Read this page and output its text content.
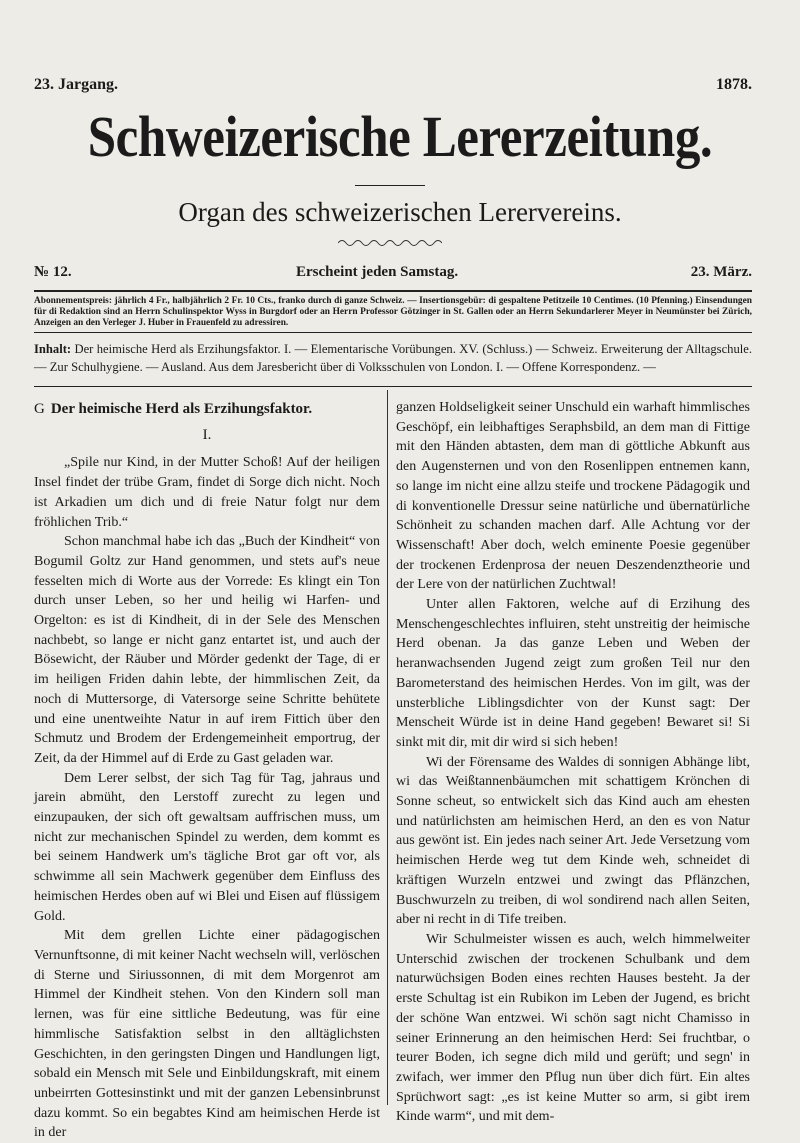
23. Jargang.	1878.
Schweizerische Lererzeitung.
Organ des schweizerischen Lerervereins.
№ 12.	Erscheint jeden Samstag.	23. März.
Abonnementspreis: jährlich 4 Fr., halbjährlich 2 Fr. 10 Cts., franko durch di ganze Schweiz. — Insertionsgebür: di gespaltene Petitzeile 10 Centimes. (10 Pfenning.) Einsendungen für di Redaktion sind an Herrn Schulinspektor Wyss in Burgdorf oder an Herrn Professor Götzinger in St. Gallen oder an Herrn Sekundarlerer Meyer in Neumünster bei Zürich, Anzeigen an den Verleger J. Huber in Frauenfeld zu adressiren.
Inhalt: Der heimische Herd als Erzihungsfaktor. I. — Elementarische Vorübungen. XV. (Schluss.) — Schweiz. Erweiterung der Alltagschule. — Zur Schulhygiene. — Ausland. Aus dem Jaresbericht über di Volksschulen von London. I. — Offene Korrespondenz. —

G Der heimische Herd als Erzihungsfaktor.

I.

„Spile nur Kind, in der Mutter Schoß! Auf der heiligen Insel findet der trübe Gram, findet di Sorge dich nicht. Noch ist Arkadien um dich und di freie Natur folgt nur dem fröhlichen Trib.“

Schon manchmal habe ich das „Buch der Kindheit“ von Bogumil Goltz zur Hand genommen, und stets auf's neue fesselten mich di Worte aus der Vorrede: Es klingt ein Ton durch unser Leben, so her und heilig wi Harfen- und Orgelton: es ist di Kindheit, di in der Sele des Menschen nachbebt, so lange er nicht ganz entartet ist, und auch der Bösewicht, der Räuber und Mörder gedenkt der Tage, di er im heiligen Friden dahin lebte, der himmlischen Zeit, da noch di Muttersorge, di Vatersorge seine Schritte behütete und eine unentweihte Natur in auf irem Fittich über den Schmutz und Brodem der Erdengemeinheit emportrug, der Zeit, da der Himmel auf di Erde zu Gast geladen war.

Dem Lerer selbst, der sich Tag für Tag, jahraus und jarein abmüht, den Lerstoff zurecht zu legen und einzupauken, der sich oft gewaltsam auffrischen muss, um nicht zur mechanischen Spindel zu werden, dem kommt es bei seinem Handwerk um's tägliche Brot gar oft vor, als schwimme all sein Machwerk gegenüber dem Einfluss des heimischen Herdes oben auf wi Blei und Eisen auf flüssigem Gold.

Mit dem grellen Lichte einer pädagogischen Vernunftsonne, di mit keiner Nacht wechseln will, verlöschen di Sterne und Siriussonnen, di mit dem Morgenrot am Himmel der Kindheit stehen. Von den Kindern soll man lernen, was für eine sittliche Bedeutung, was für eine himmlische Satisfaktion selbst in den alltäglichsten Geschichten, in den geringsten Dingen und Handlungen ligt, sobald ein Mensch mit Sele und Einbildungskraft, mit einem unbeirrten Gottesinstinkt und mit der ganzen Lebensinbrunst dazu kommt. So ein begabtes Kind am heimischen Herde ist in der

ganzen Holdseligkeit seiner Unschuld ein warhaft himmlisches Geschöpf, ein leibhaftiges Seraphsbild, an dem man di Fittige mit den Händen abtasten, dem man di göttliche Abkunft aus den Augensternen und von den Rosenlippen entnemen kann, so lange im nicht eine allzu steife und trockene Pädagogik und di konventionelle Dressur seine natürliche und übernatürliche Schönheit zu schanden machen darf. Alle Achtung vor der Wissenschaft! Aber doch, welch eminente Poesie gegenüber der trockenen Erdenprosa der neuen Deszendenztheorie und der Lere von der natürlichen Zuchtwal!

Unter allen Faktoren, welche auf di Erzihung des Menschengeschlechtes influiren, steht unstreitig der heimische Herd obenan. Ja das ganze Leben und Weben der heranwachsenden Jugend zeigt zum großen Teil nur den Barometerstand des heimischen Herdes. Von im gilt, was der unsterbliche Liblingsdichter von der Kunst sagt: Der Menscheit Würde ist in deine Hand gegeben! Bewaret si! Si sinkt mit dir, mit dir wird si sich heben!

Wi der Förensame des Waldes di sonnigen Abhänge libt, wi das Weißtannenbäumchen mit schattigem Krönchen di Sonne scheut, so entwickelt sich das Kind auch am ehesten und natürlichsten am heimischen Herd, an den es von Natur aus gewönt ist. Ein jedes nach seiner Art. Jede Versetzung vom heimischen Herde weg tut dem Kinde weh, schneidet di kräftigen Wurzeln entzwei und zwingt das Pflänzchen, Buschwurzeln zu treiben, di wol sondirend nach allen Seiten, aber ni recht in di Tife treiben.

Wir Schulmeister wissen es auch, welch himmelweiter Unterschid zwischen der trockenen Schulbank und dem naturwüchsigen Boden eines rechten Hauses besteht. Ja der erste Schultag ist ein Rubikon im Leben der Jugend, es bricht der schöne Wan entzwei. Wi schön sagt nicht Chamisso in seiner Erinnerung an den heimischen Herd: Sei fruchtbar, o teurer Boden, ich segne dich mild und gerüft; und segn' in zwifach, wer immer den Pflug nun über dich fürt. Ein altes Sprüchwort sagt: „es ist keine Mutter so arm, si gibt irem Kinde warm“, und mit dem-
